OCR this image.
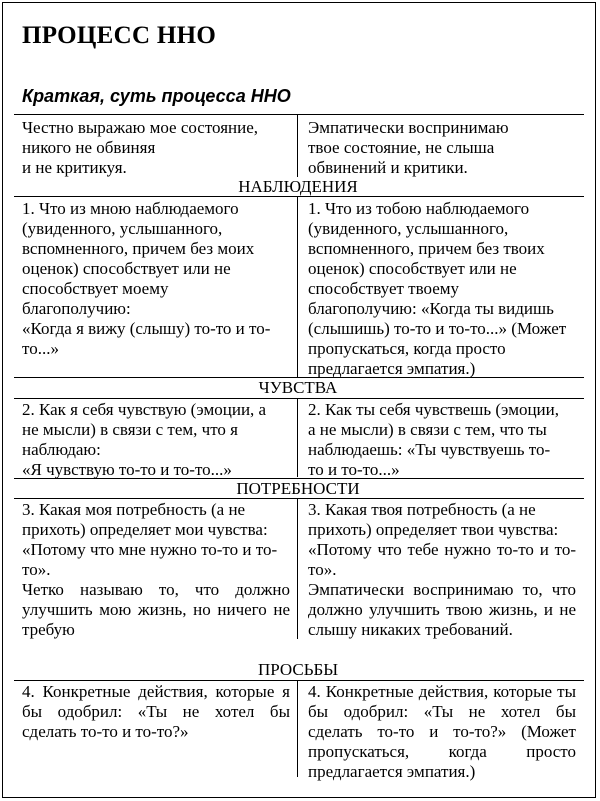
ПРОЦЕСС ННО
Краткая, суть процесса ННО

Честно выражаю мое состояние,
никого не обвиняя
и не критикуя.

Эмпатически воспринимаю
твое состояние, не слыша
обвинений и критики.

НАБЛЮДЕНИЯ

1. Что из мною наблюдаемого
(увиденного, услышанного,
вспомненного, причем без моих
оценок) способствует или не
способствует моему
благополучию:
«Когда я вижу (слышу) то-то и то-
то...»

1. Что из тобою наблюдаемого
(увиденного, услышанного,
вспомненного, причем без твоих
оценок) способствует или не
способствует твоему
благополучию: «Когда ты видишь
(слышишь) то-то и то-то...» (Может
пропускаться, когда просто
предлагается эмпатия.)

ЧУВСТВА

2. Как я себя чувствую (эмоции, а
не мысли) в связи с тем, что я
наблюдаю:
«Я чувствую то-то и то-то...»

2. Как ты себя чувствешь (эмоции,
а не мысли) в связи с тем, что ты
наблюдаешь: «Ты чувствуешь то-
то и то-то...»

ПОТРЕБНОСТИ

3. Какая моя потребность (а не
прихоть) определяет мои чувства:

«Потому что мне нужно то-то и то-
то».

Четко называю то, что должно улучшить мою жизнь, но ничего не требую

3. Какая твоя потребность (а не
прихоть) определяет твои чувства:

«Потому что тебе нужно то-то и то-то».

Эмпатически воспринимаю то, что должно улучшить твою жизнь, и не слышу никаких требований.

ПРОСЬБЫ

4. Конкретные действия, которые я бы одобрил: «Ты не хотел бы сделать то-то и то-то?»

4. Конкретные действия, которые ты бы одобрил: «Ты не хотел бы сделать то-то и то-то?» (Может пропускаться, когда просто предлагается эмпатия.)
